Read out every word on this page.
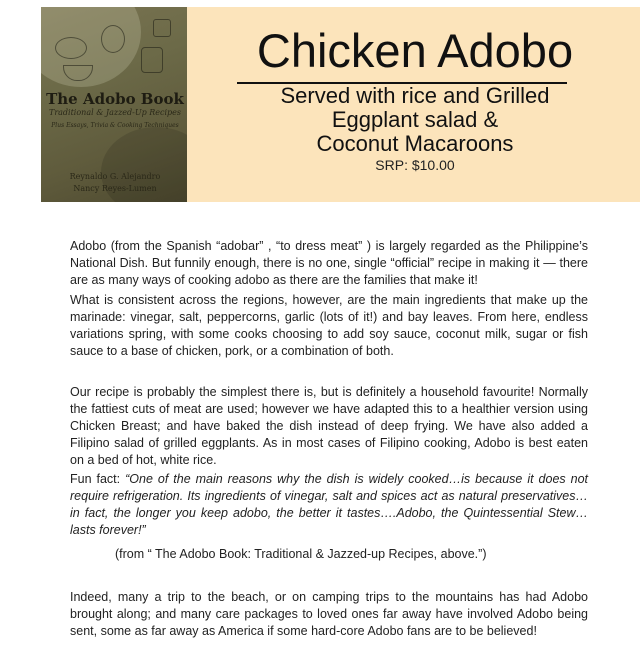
The Adobo Book
Traditional & Jazzed-Up Recipes
Plus Essays, Trivia & Cooking Techniques
Reynaldo G. Alejandro
Nancy Reyes-Lumen
Chicken Adobo
Served with rice and Grilled
Eggplant salad &
Coconut Macaroons
SRP: $10.00
Adobo (from the Spanish “adobar” , “to dress meat” ) is largely regarded as the Philippine’s National Dish. But funnily enough, there is no one, single “official” recipe in making it — there are as many ways of cooking adobo as there are the families that make it!
What is consistent across the regions, however, are the main ingredients that make up the marinade: vinegar, salt, peppercorns, garlic (lots of it!) and bay leaves. From here, endless variations spring, with some cooks choosing to add soy sauce, coconut milk, sugar or fish sauce to a base of chicken, pork, or a combination of both.
Our recipe is probably the simplest there is, but is definitely a household favourite! Normally the fattiest cuts of meat are used; however we have adapted this to a healthier version using Chicken Breast; and have baked the dish instead of deep frying. We have also added a Filipino salad of grilled eggplants. As in most cases of Filipino cooking, Adobo is best eaten on a bed of hot, white rice.
Fun fact: “One of the main reasons why the dish is widely cooked…is because it does not require refrigeration. Its ingredients of vinegar, salt and spices act as natural preservatives…in fact, the longer you keep adobo, the better it tastes….Adobo, the Quintessential Stew…lasts forever!”
(from “ The Adobo Book: Traditional & Jazzed-up Recipes, above.”)
Indeed, many a trip to the beach, or on camping trips to the mountains has had Adobo brought along; and many care packages to loved ones far away have involved Adobo being sent, some as far away as America if some hard-core Adobo fans are to be believed!
